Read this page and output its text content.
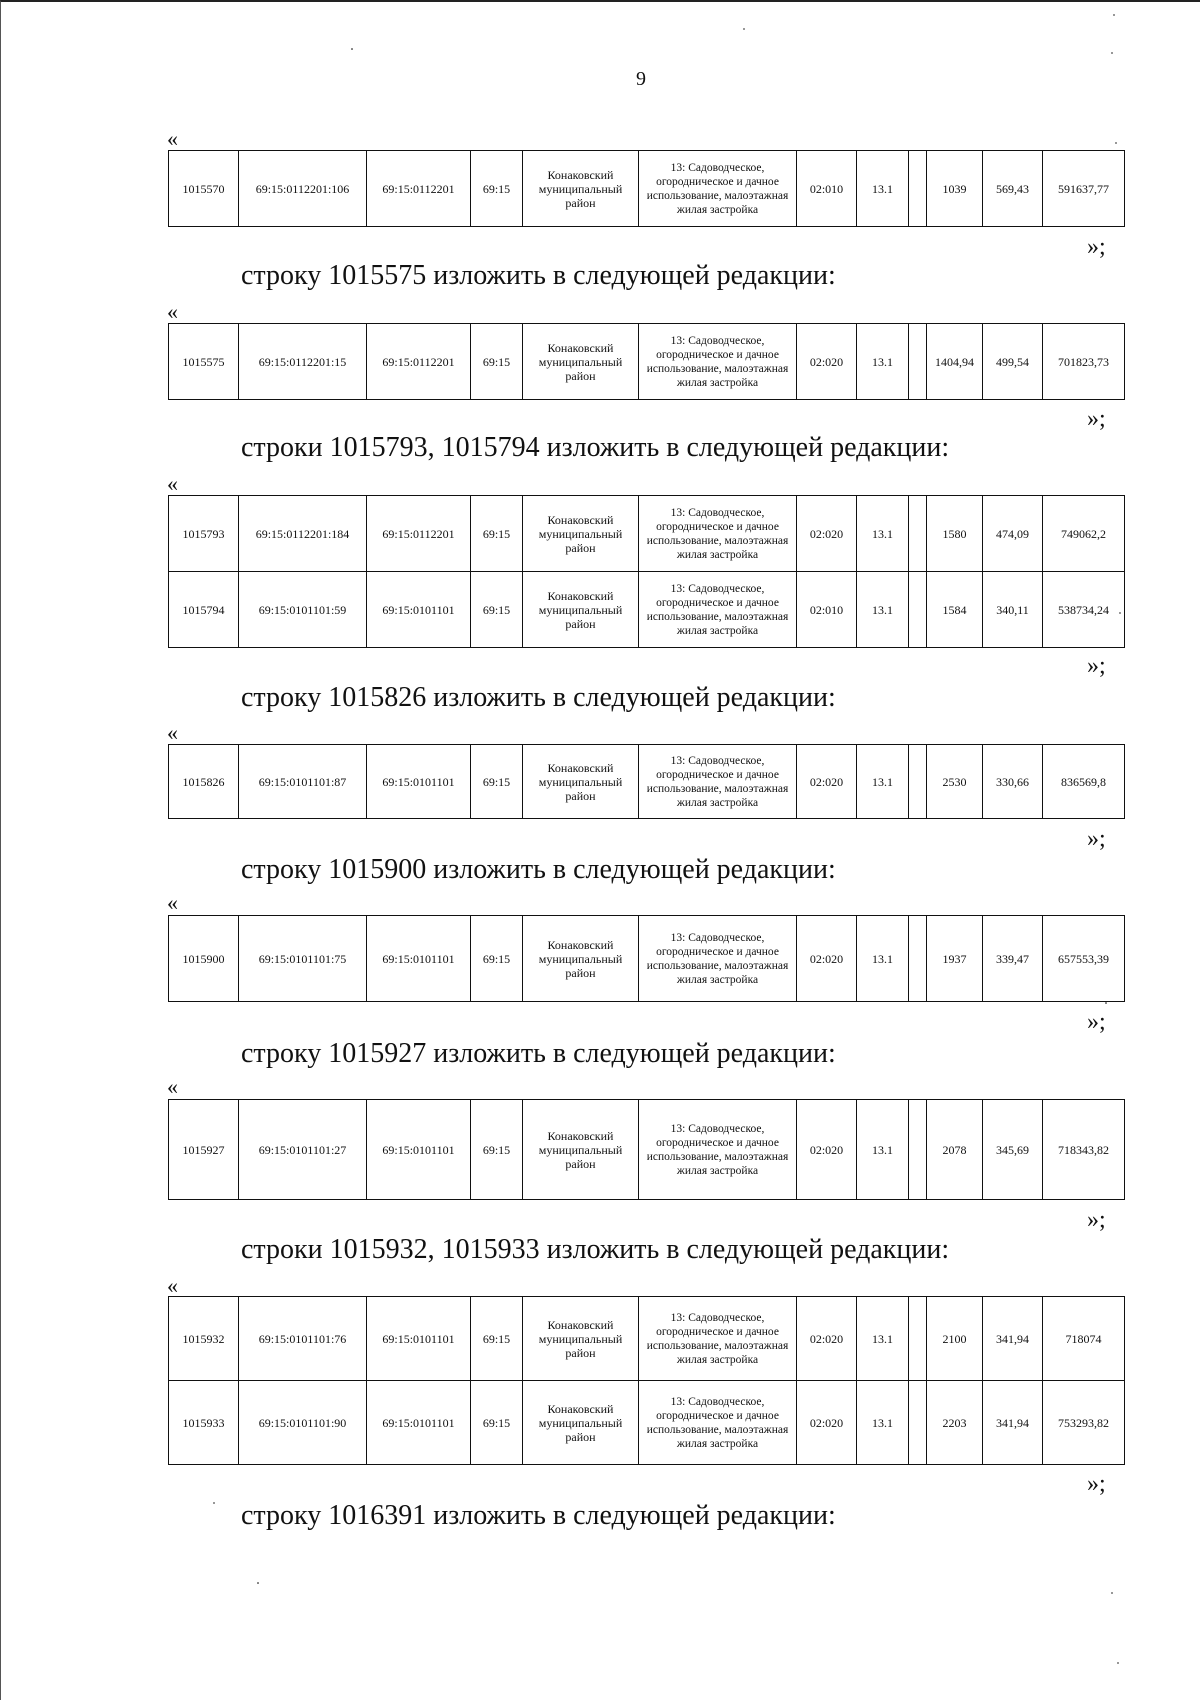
9
«
1015570	69:15:0112201:106	69:15:0112201	69:15	Конаковский муниципальный район	13: Садоводческое, огородническое и дачное использование, малоэтажная жилая застройка	02:010	13.1		1039	569,43	591637,77
»;
строку 1015575 изложить в следующей редакции:
«
1015575	69:15:0112201:15	69:15:0112201	69:15	Конаковский муниципальный район	13: Садоводческое, огородническое и дачное использование, малоэтажная жилая застройка	02:020	13.1		1404,94	499,54	701823,73
»;
строки 1015793, 1015794 изложить в следующей редакции:
«
1015793	69:15:0112201:184	69:15:0112201	69:15	Конаковский муниципальный район	13: Садоводческое, огородническое и дачное использование, малоэтажная жилая застройка	02:020	13.1		1580	474,09	749062,2
1015794	69:15:0101101:59	69:15:0101101	69:15	Конаковский муниципальный район	13: Садоводческое, огородническое и дачное использование, малоэтажная жилая застройка	02:010	13.1		1584	340,11	538734,24
»;
строку 1015826 изложить в следующей редакции:
«
1015826	69:15:0101101:87	69:15:0101101	69:15	Конаковский муниципальный район	13: Садоводческое, огородническое и дачное использование, малоэтажная жилая застройка	02:020	13.1		2530	330,66	836569,8
»;
строку 1015900 изложить в следующей редакции:
«
1015900	69:15:0101101:75	69:15:0101101	69:15	Конаковский муниципальный район	13: Садоводческое, огородническое и дачное использование, малоэтажная жилая застройка	02:020	13.1		1937	339,47	657553,39
»;
строку 1015927 изложить в следующей редакции:
«
1015927	69:15:0101101:27	69:15:0101101	69:15	Конаковский муниципальный район	13: Садоводческое, огородническое и дачное использование, малоэтажная жилая застройка	02:020	13.1		2078	345,69	718343,82
»;
строки 1015932, 1015933 изложить в следующей редакции:
«
1015932	69:15:0101101:76	69:15:0101101	69:15	Конаковский муниципальный район	13: Садоводческое, огородническое и дачное использование, малоэтажная жилая застройка	02:020	13.1		2100	341,94	718074
1015933	69:15:0101101:90	69:15:0101101	69:15	Конаковский муниципальный район	13: Садоводческое, огородническое и дачное использование, малоэтажная жилая застройка	02:020	13.1		2203	341,94	753293,82
»;
строку 1016391 изложить в следующей редакции:
